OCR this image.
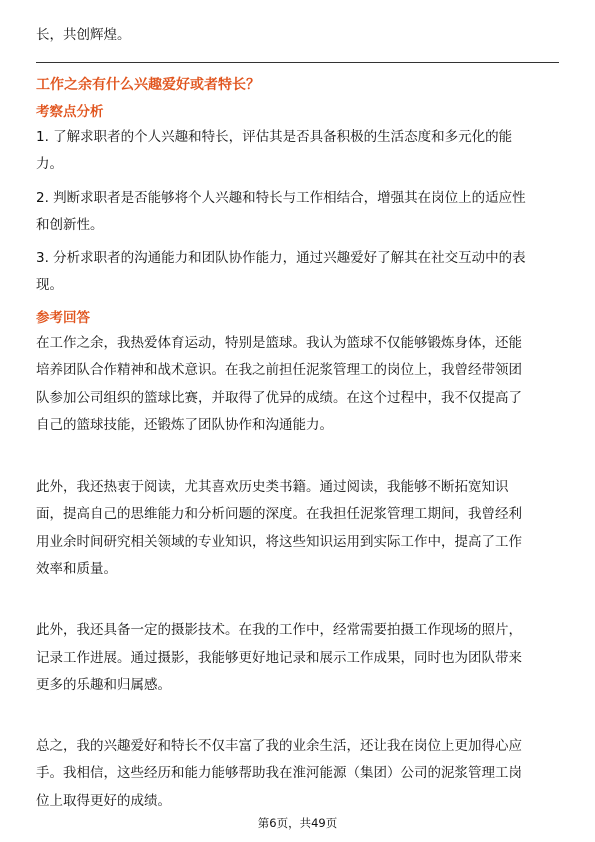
长，共创辉煌。
工作之余有什么兴趣爱好或者特长？
考察点分析
1. 了解求职者的个人兴趣和特长，评估其是否具备积极的生活态度和多元化的能
力。
2. 判断求职者是否能够将个人兴趣和特长与工作相结合，增强其在岗位上的适应性
和创新性。
3. 分析求职者的沟通能力和团队协作能力，通过兴趣爱好了解其在社交互动中的表
现。
参考回答
在工作之余，我热爱体育运动，特别是篮球。我认为篮球不仅能够锻炼身体，还能
培养团队合作精神和战术意识。在我之前担任泥浆管理工的岗位上，我曾经带领团
队参加公司组织的篮球比赛，并取得了优异的成绩。在这个过程中，我不仅提高了
自己的篮球技能，还锻炼了团队协作和沟通能力。
此外，我还热衷于阅读，尤其喜欢历史类书籍。通过阅读，我能够不断拓宽知识
面，提高自己的思维能力和分析问题的深度。在我担任泥浆管理工期间，我曾经利
用业余时间研究相关领域的专业知识，将这些知识运用到实际工作中，提高了工作
效率和质量。
此外，我还具备一定的摄影技术。在我的工作中，经常需要拍摄工作现场的照片，
记录工作进展。通过摄影，我能够更好地记录和展示工作成果，同时也为团队带来
更多的乐趣和归属感。
总之，我的兴趣爱好和特长不仅丰富了我的业余生活，还让我在岗位上更加得心应
手。我相信，这些经历和能力能够帮助我在淮河能源（集团）公司的泥浆管理工岗
位上取得更好的成绩。
第6页，共49页
